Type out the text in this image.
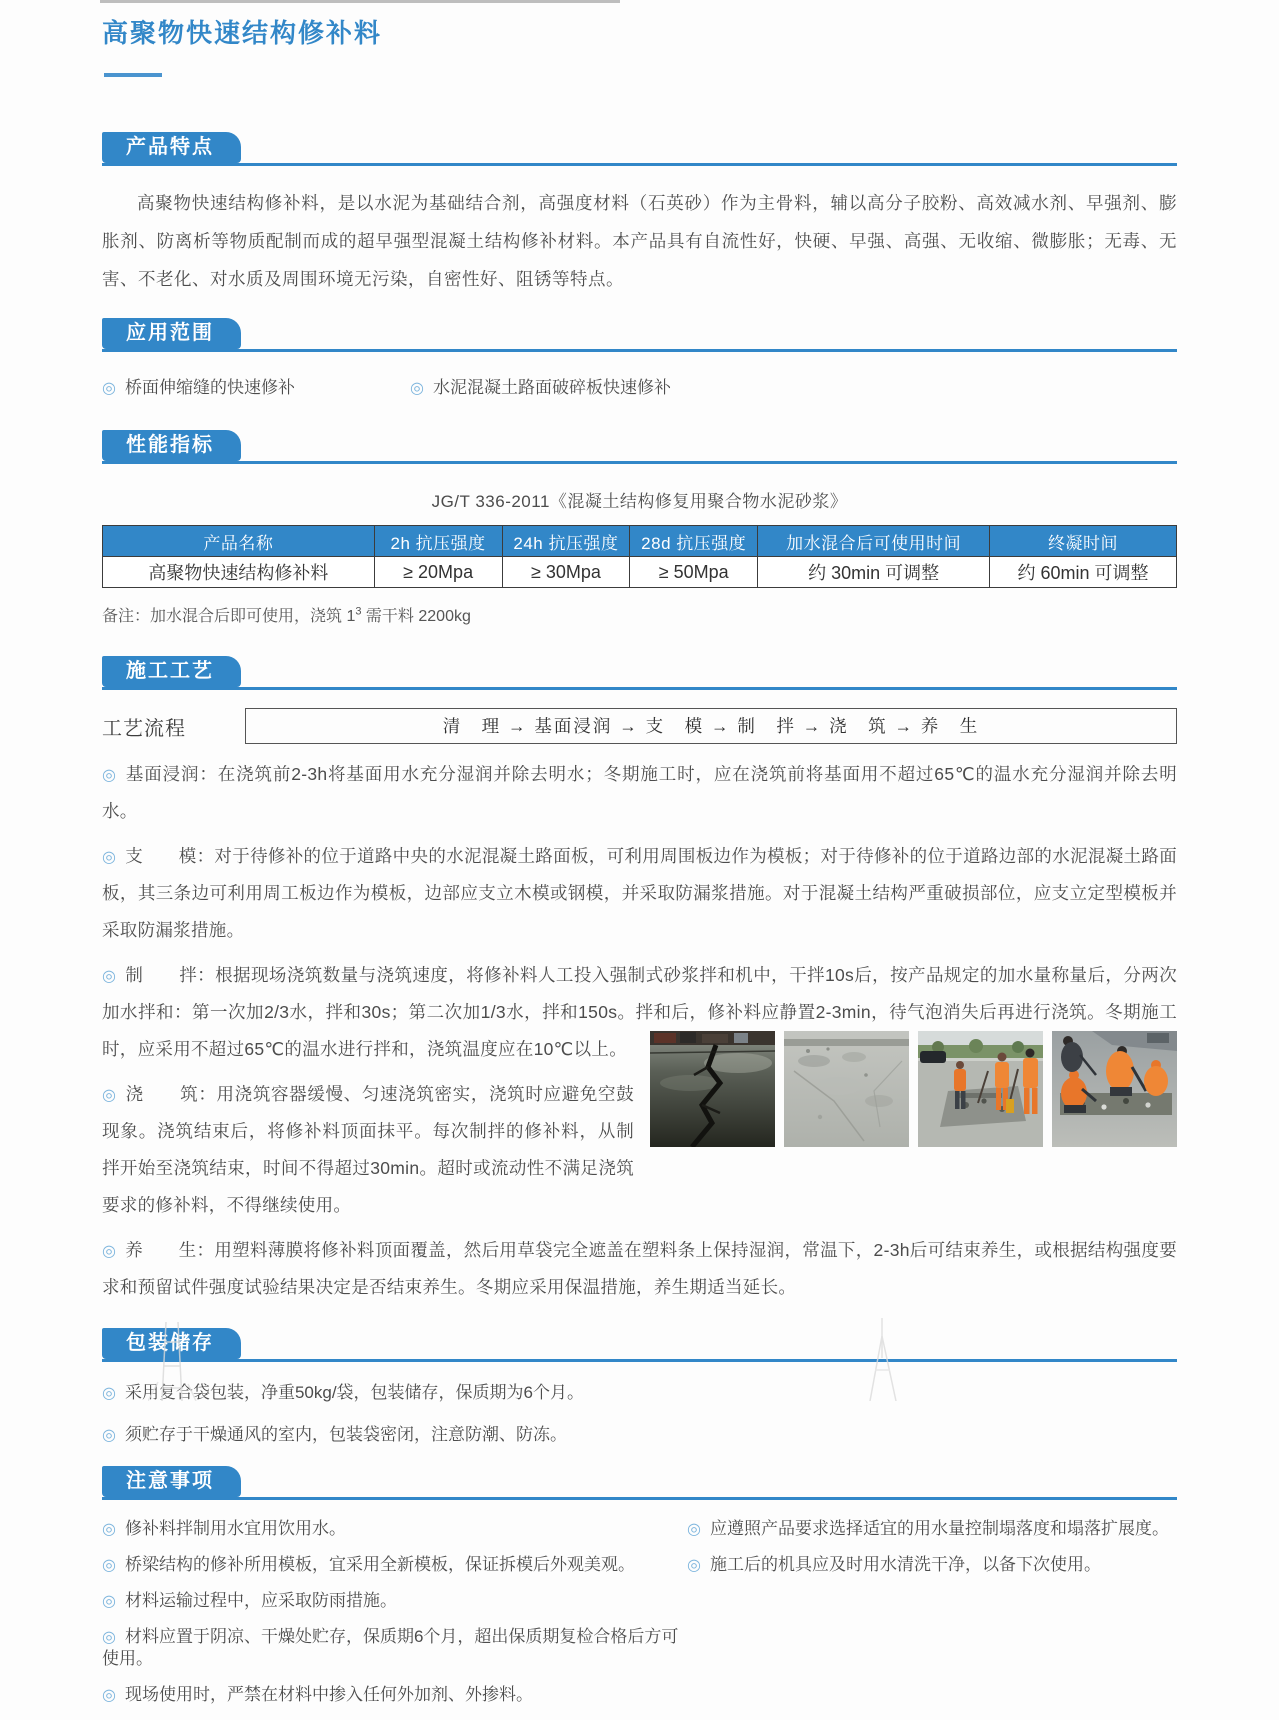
高聚物快速结构修补料
产品特点

高聚物快速结构修补料，是以水泥为基础结合剂，高强度材料（石英砂）作为主骨料，辅以高分子胶粉、高效减水剂、早强剂、膨胀剂、防离析等物质配制而成的超早强型混凝土结构修补材料。本产品具有自流性好，快硬、早强、高强、无收缩、微膨胀；无毒、无害、不老化、对水质及周围环境无污染，自密性好、阻锈等特点。

应用范围
◎ 桥面伸缩缝的快速修补	◎ 水泥混凝土路面破碎板快速修补
性能指标
JG/T 336-2011《混凝土结构修复用聚合物水泥砂浆》
产品名称	2h 抗压强度	24h 抗压强度	28d 抗压强度	加水混合后可使用时间	终凝时间
高聚物快速结构修补料	≥ 20Mpa	≥ 30Mpa	≥ 50Mpa	约 30min 可调整	约 60min 可调整
备注：加水混合后即可使用，浇筑 $1^3$ 需干料 2200kg
施工工艺
工艺流程	清　理 → 基面浸润 → 支　模 → 制　拌 → 浇　筑 → 养　生
◎ 基面浸润：在浇筑前2-3h将基面用水充分湿润并除去明水；冬期施工时，应在浇筑前将基面用不超过65℃的温水充分湿润并除去明水。
◎ 支　　模：对于待修补的位于道路中央的水泥混凝土路面板，可利用周围板边作为模板；对于待修补的位于道路边部的水泥混凝土路面板，其三条边可利用周工板边作为模板，边部应支立木模或钢模，并采取防漏浆措施。对于混凝土结构严重破损部位，应支立定型模板并采取防漏浆措施。
◎ 制　　拌：根据现场浇筑数量与浇筑速度，将修补料人工投入强制式砂浆拌和机中，干拌10s后，按产品规定的加水量称量后，分两次加水拌和：第一次加2/3水，拌和30s；第二次加1/3水，拌和150s。拌和后，修补料应静置2-3min，待气泡消失后再进行浇筑。冬期施工时，应采用不超过65℃的温水进行拌和，浇筑温度应在10℃以上。
◎ 浇　　筑：用浇筑容器缓慢、匀速浇筑密实，浇筑时应避免空鼓现象。浇筑结束后，将修补料顶面抹平。每次制拌的修补料，从制拌开始至浇筑结束，时间不得超过30min。超时或流动性不满足浇筑要求的修补料，不得继续使用。
◎ 养　　生：用塑料薄膜将修补料顶面覆盖，然后用草袋完全遮盖在塑料条上保持湿润，常温下，2-3h后可结束养生，或根据结构强度要求和预留试件强度试验结果决定是否结束养生。冬期应采用保温措施，养生期适当延长。
包装储存
◎ 采用复合袋包装，净重50kg/袋，包装储存，保质期为6个月。
◎ 须贮存于干燥通风的室内，包装袋密闭，注意防潮、防冻。
注意事项
◎ 修补料拌制用水宜用饮用水。
◎ 桥梁结构的修补所用模板，宜采用全新模板，保证拆模后外观美观。
◎ 材料运输过程中，应采取防雨措施。
◎ 材料应置于阴凉、干燥处贮存，保质期6个月，超出保质期复检合格后方可使用。
◎ 现场使用时，严禁在材料中掺入任何外加剂、外掺料。
◎ 应遵照产品要求选择适宜的用水量控制塌落度和塌落扩展度。
◎ 施工后的机具应及时用水清洗干净，以备下次使用。
